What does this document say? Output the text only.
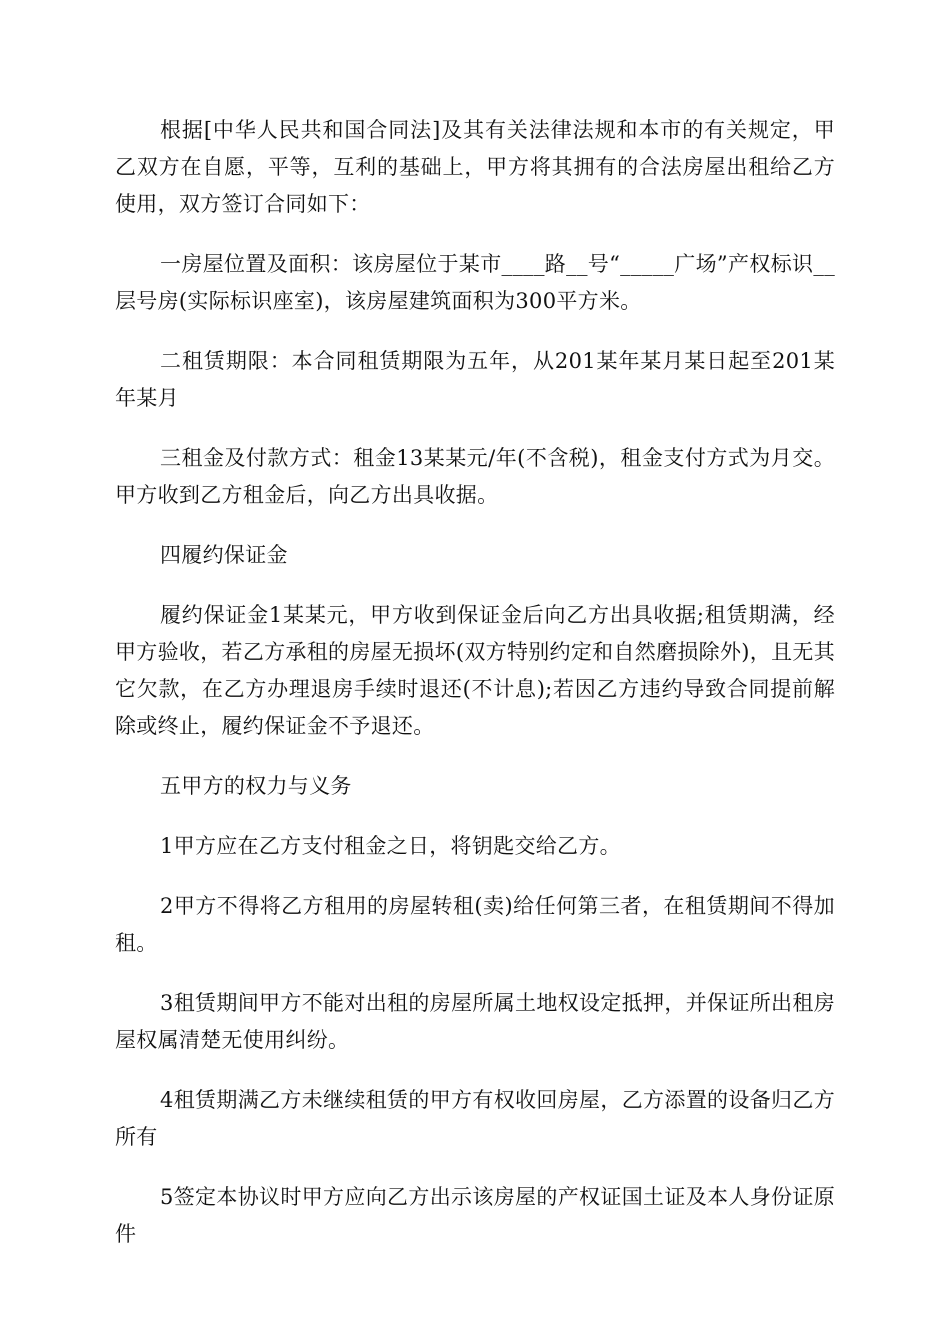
根据[中华人民共和国合同法]及其有关法律法规和本市的有关规定，甲乙双方在自愿，平等，互利的基础上，甲方将其拥有的合法房屋出租给乙方使用，双方签订合同如下：

一房屋位置及面积：该房屋位于某市____路__号“_____广场”产权标识__层号房(实际标识座室)，该房屋建筑面积为300平方米。

二租赁期限：本合同租赁期限为五年，从201某年某月某日起至201某年某月

三租金及付款方式：租金13某某元/年(不含税)，租金支付方式为月交。甲方收到乙方租金后，向乙方出具收据。

四履约保证金

履约保证金1某某元，甲方收到保证金后向乙方出具收据;租赁期满，经甲方验收，若乙方承租的房屋无损坏(双方特别约定和自然磨损除外)，且无其它欠款，在乙方办理退房手续时退还(不计息);若因乙方违约导致合同提前解除或终止，履约保证金不予退还。

五甲方的权力与义务

1甲方应在乙方支付租金之日，将钥匙交给乙方。

2甲方不得将乙方租用的房屋转租(卖)给任何第三者，在租赁期间不得加租。

3租赁期间甲方不能对出租的房屋所属土地权设定抵押，并保证所出租房屋权属清楚无使用纠纷。

4租赁期满乙方未继续租赁的甲方有权收回房屋，乙方添置的设备归乙方所有

5签定本协议时甲方应向乙方出示该房屋的产权证国土证及本人身份证原件
